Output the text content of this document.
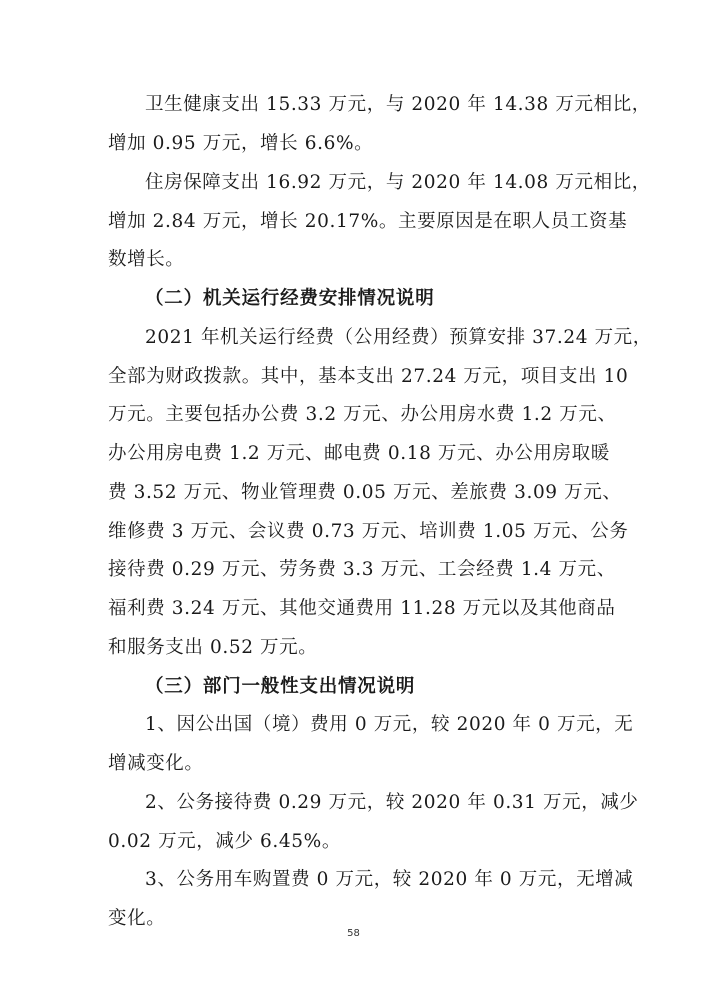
卫生健康支出 15.33 万元，与 2020 年 14.38 万元相比，
增加 0.95 万元，增长 6.6%。
住房保障支出 16.92 万元，与 2020 年 14.08 万元相比，
增加 2.84 万元，增长 20.17%。主要原因是在职人员工资基
数增长。
（二）机关运行经费安排情况说明
2021 年机关运行经费（公用经费）预算安排 37.24 万元，
全部为财政拨款。其中，基本支出 27.24 万元，项目支出 10
万元。主要包括办公费 3.2 万元、办公用房水费 1.2 万元、
办公用房电费 1.2 万元、邮电费 0.18 万元、办公用房取暖
费 3.52 万元、物业管理费 0.05 万元、差旅费 3.09 万元、
维修费 3 万元、会议费 0.73 万元、培训费 1.05 万元、公务
接待费 0.29 万元、劳务费 3.3 万元、工会经费 1.4 万元、
福利费 3.24 万元、其他交通费用 11.28 万元以及其他商品
和服务支出 0.52 万元。
（三）部门一般性支出情况说明
1、因公出国（境）费用 0 万元，较 2020 年 0 万元，无
增减变化。
2、公务接待费 0.29 万元，较 2020 年 0.31 万元，减少
0.02 万元，减少 6.45%。
3、公务用车购置费 0 万元，较 2020 年 0 万元，无增减
变化。
58
